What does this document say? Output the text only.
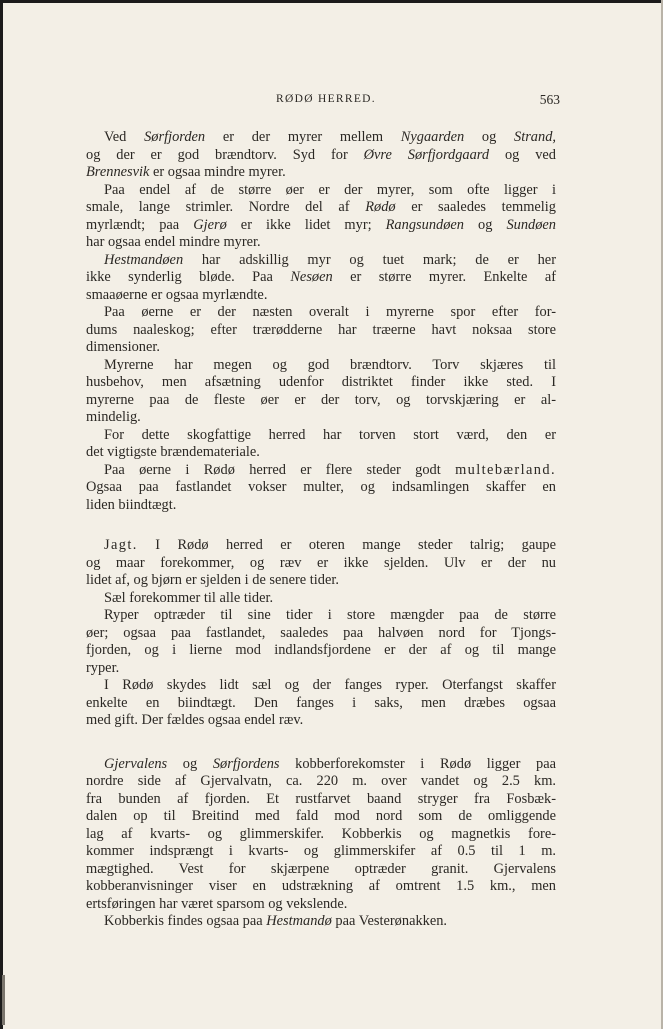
RØDØ HERRED.	563
Ved Sørfjorden er der myrer mellem Nygaarden og Strand,
og der er god brændtorv. Syd for Øvre Sørfjordgaard og ved
Brennesvik er ogsaa mindre myrer.
Paa endel af de større øer er der myrer, som ofte ligger i
smale, lange strimler. Nordre del af Rødø er saaledes temmelig
myrlændt; paa Gjerø er ikke lidet myr; Rangsundøen og Sundøen
har ogsaa endel mindre myrer.
Hestmandøen har adskillig myr og tuet mark; de er her
ikke synderlig bløde. Paa Nesøen er større myrer. Enkelte af
smaaøerne er ogsaa myrlændte.
Paa øerne er der næsten overalt i myrerne spor efter for-
dums naaleskog; efter trærødderne har træerne havt noksaa store
dimensioner.
Myrerne har megen og god brændtorv. Torv skjæres til
husbehov, men afsætning udenfor distriktet finder ikke sted. I
myrerne paa de fleste øer er der torv, og torvskjæring er al-
mindelig.
For dette skogfattige herred har torven stort værd, den er
det vigtigste brændemateriale.
Paa øerne i Rødø herred er flere steder godt multebærland.
Ogsaa paa fastlandet vokser multer, og indsamlingen skaffer en
liden biindtægt.
Jagt. I Rødø herred er oteren mange steder talrig; gaupe
og maar forekommer, og ræv er ikke sjelden. Ulv er der nu
lidet af, og bjørn er sjelden i de senere tider.
Sæl forekommer til alle tider.
Ryper optræder til sine tider i store mængder paa de større
øer; ogsaa paa fastlandet, saaledes paa halvøen nord for Tjongs-
fjorden, og i lierne mod indlandsfjordene er der af og til mange
ryper.
I Rødø skydes lidt sæl og der fanges ryper. Oterfangst skaffer
enkelte en biindtægt. Den fanges i saks, men dræbes ogsaa
med gift. Der fældes ogsaa endel ræv.
Gjervalens og Sørfjordens kobberforekomster i Rødø ligger paa
nordre side af Gjervalvatn, ca. 220 m. over vandet og 2.5 km.
fra bunden af fjorden. Et rustfarvet baand stryger fra Fosbæk-
dalen op til Breitind med fald mod nord som de omliggende
lag af kvarts- og glimmerskifer. Kobberkis og magnetkis fore-
kommer indsprængt i kvarts- og glimmerskifer af 0.5 til 1 m.
mægtighed. Vest for skjærpene optræder granit. Gjervalens
kobberanvisninger viser en udstrækning af omtrent 1.5 km., men
ertsføringen har været sparsom og vekslende.
Kobberkis findes ogsaa paa Hestmandø paa Vesterønakken.
